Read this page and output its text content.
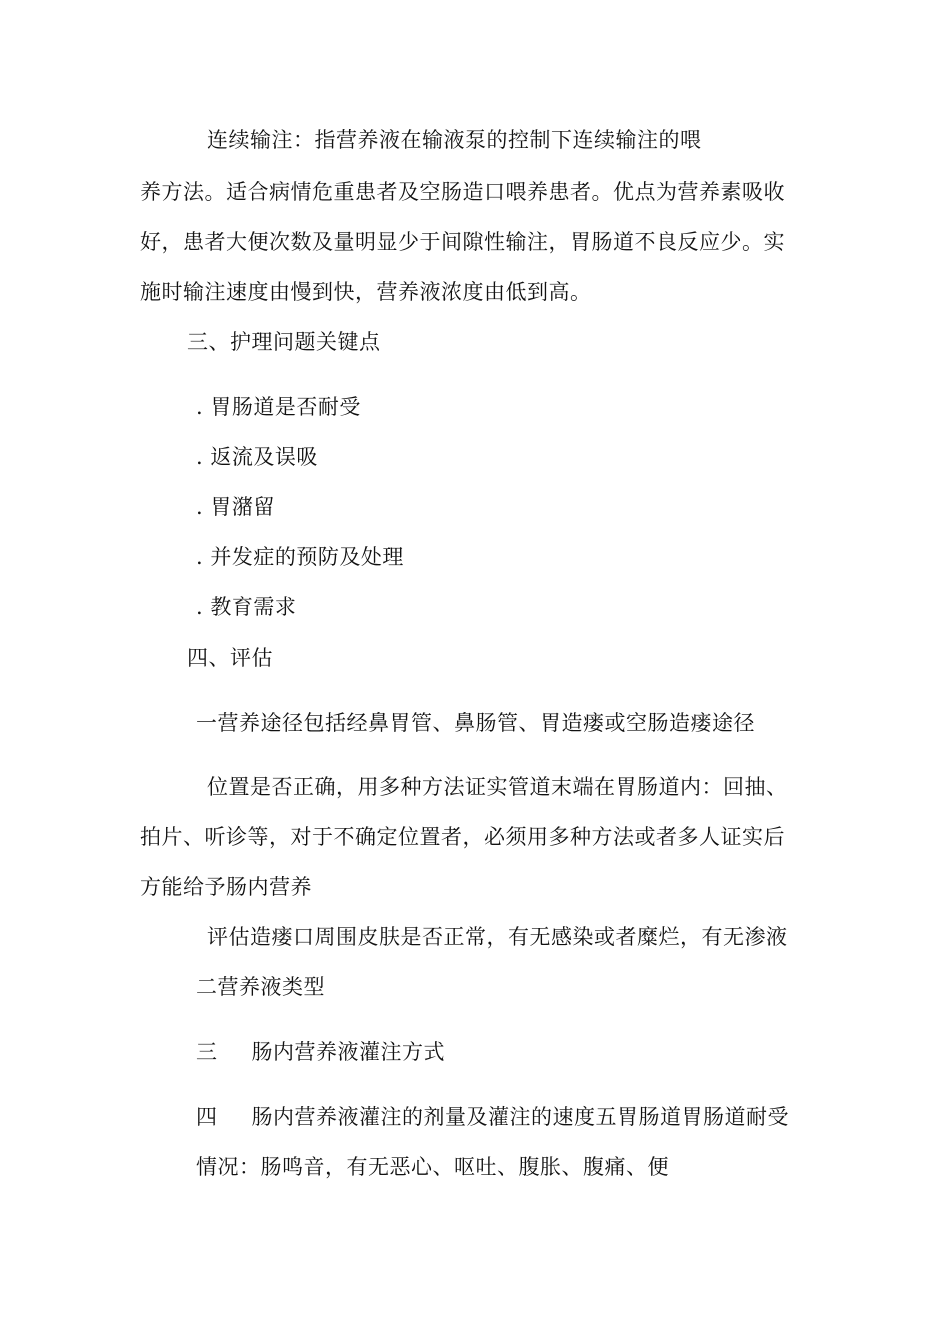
连续输注：指营养液在输液泵的控制下连续输注的喂
养方法。适合病情危重患者及空肠造口喂养患者。优点为营养素吸收
好，患者大便次数及量明显少于间隙性输注，胃肠道不良反应少。实
施时输注速度由慢到快，营养液浓度由低到高。
三、护理问题关键点
. 胃肠道是否耐受
. 返流及误吸
. 胃潴留
. 并发症的预防及处理
. 教育需求
四、评估
一营养途径包括经鼻胃管、鼻肠管、胃造瘘或空肠造瘘途径
位置是否正确，用多种方法证实管道末端在胃肠道内：回抽、
拍片、听诊等，对于不确定位置者，必须用多种方法或者多人证实后
方能给予肠内营养
评估造瘘口周围皮肤是否正常，有无感染或者糜烂，有无渗液
二营养液类型
三 肠内营养液灌注方式
四 肠内营养液灌注的剂量及灌注的速度五胃肠道胃肠道耐受
情况：肠鸣音，有无恶心、呕吐、腹胀、腹痛、便
